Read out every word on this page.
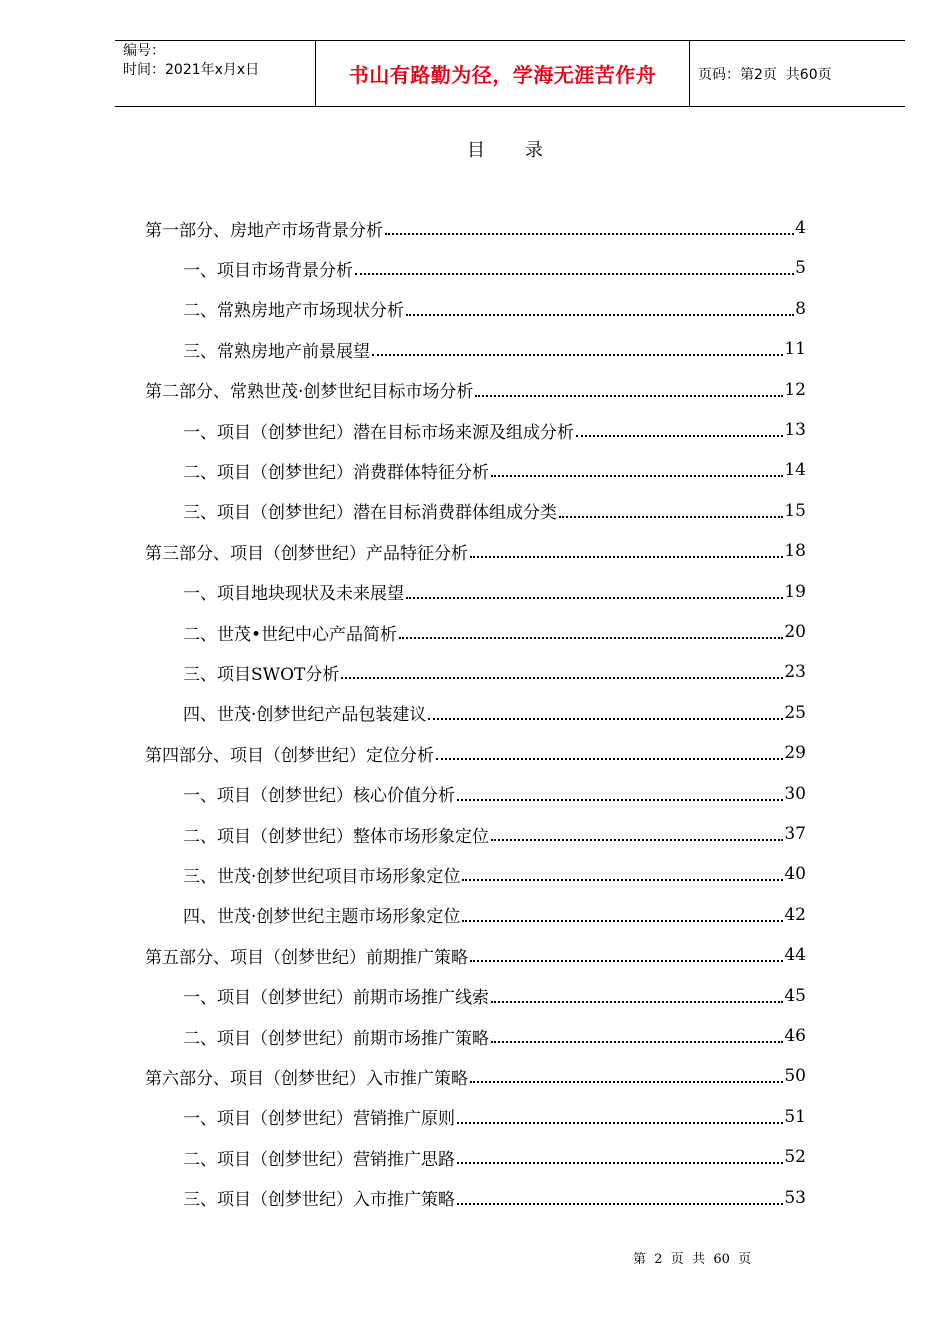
编号：
时间：2021年x月x日	书山有路勤为径，学海无涯苦作舟	页码：第2页  共60页
目       录
第一部分、房地产市场背景分析	4
一、项目市场背景分析	5
二、常熟房地产市场现状分析	8
三、常熟房地产前景展望	11
第二部分、常熟世茂·创梦世纪目标市场分析	12
一、项目（创梦世纪）潜在目标市场来源及组成分析	13
二、项目（创梦世纪）消费群体特征分析	14
三、项目（创梦世纪）潜在目标消费群体组成分类	15
第三部分、项目（创梦世纪）产品特征分析	18
一、项目地块现状及未来展望	19
二、世茂•世纪中心产品简析	20
三、项目SWOT分析	23
四、世茂·创梦世纪产品包装建议	25
第四部分、项目（创梦世纪）定位分析	29
一、项目（创梦世纪）核心价值分析	30
二、项目（创梦世纪）整体市场形象定位	37
三、世茂·创梦世纪项目市场形象定位	40
四、世茂·创梦世纪主题市场形象定位	42
第五部分、项目（创梦世纪）前期推广策略	44
一、项目（创梦世纪）前期市场推广线索	45
二、项目（创梦世纪）前期市场推广策略	46
第六部分、项目（创梦世纪）入市推广策略	50
一、项目（创梦世纪）营销推广原则	51
二、项目（创梦世纪）营销推广思路	52
三、项目（创梦世纪）入市推广策略	53
第  2  页  共  60  页
